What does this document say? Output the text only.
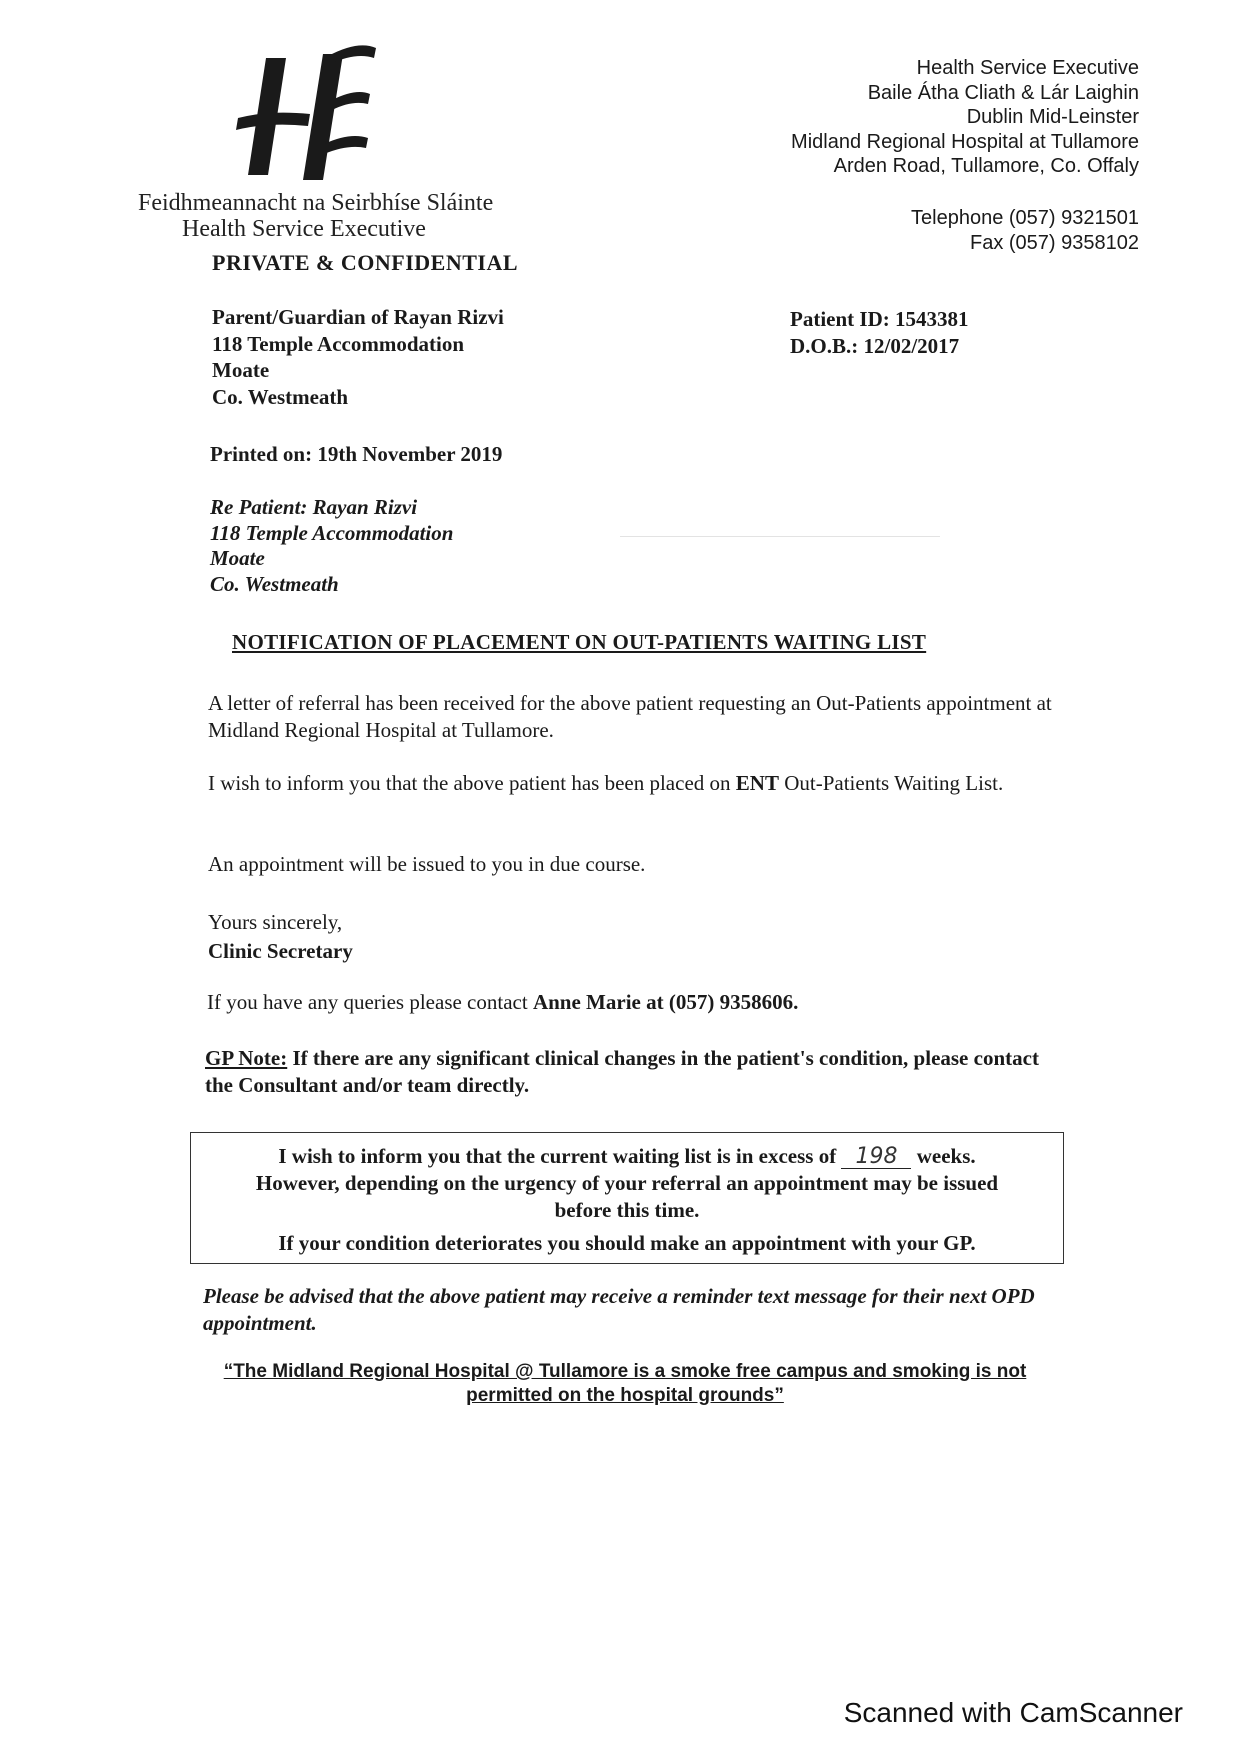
Feidhmeannacht na Seirbhíse Sláinte
Health Service Executive
Health Service Executive
Baile Átha Cliath & Lár Laighin
Dublin Mid-Leinster
Midland Regional Hospital at Tullamore
Arden Road, Tullamore, Co. Offaly
Telephone (057) 9321501
Fax (057) 9358102
PRIVATE & CONFIDENTIAL
Parent/Guardian of Rayan Rizvi
118 Temple Accommodation
Moate
Co. Westmeath
Patient ID: 1543381
D.O.B.: 12/02/2017
Printed on: 19th November 2019
Re Patient: Rayan Rizvi
118 Temple Accommodation
Moate
Co. Westmeath
NOTIFICATION OF PLACEMENT ON OUT-PATIENTS WAITING LIST
A letter of referral has been received for the above patient requesting an Out-Patients appointment at Midland Regional Hospital at Tullamore.
I wish to inform you that the above patient has been placed on ENT Out-Patients Waiting List.
An appointment will be issued to you in due course.
Yours sincerely,
Clinic Secretary
If you have any queries please contact Anne Marie at (057) 9358606.
GP Note: If there are any significant clinical changes in the patient's condition, please contact the Consultant and/or team directly.
I wish to inform you that the current waiting list is in excess of 198 weeks.
However, depending on the urgency of your referral an appointment may be issued before this time.
If your condition deteriorates you should make an appointment with your GP.
Please be advised that the above patient may receive a reminder text message for their next OPD appointment.
“The Midland Regional Hospital @ Tullamore is a smoke free campus and smoking is not permitted on the hospital grounds”
Scanned with CamScanner
